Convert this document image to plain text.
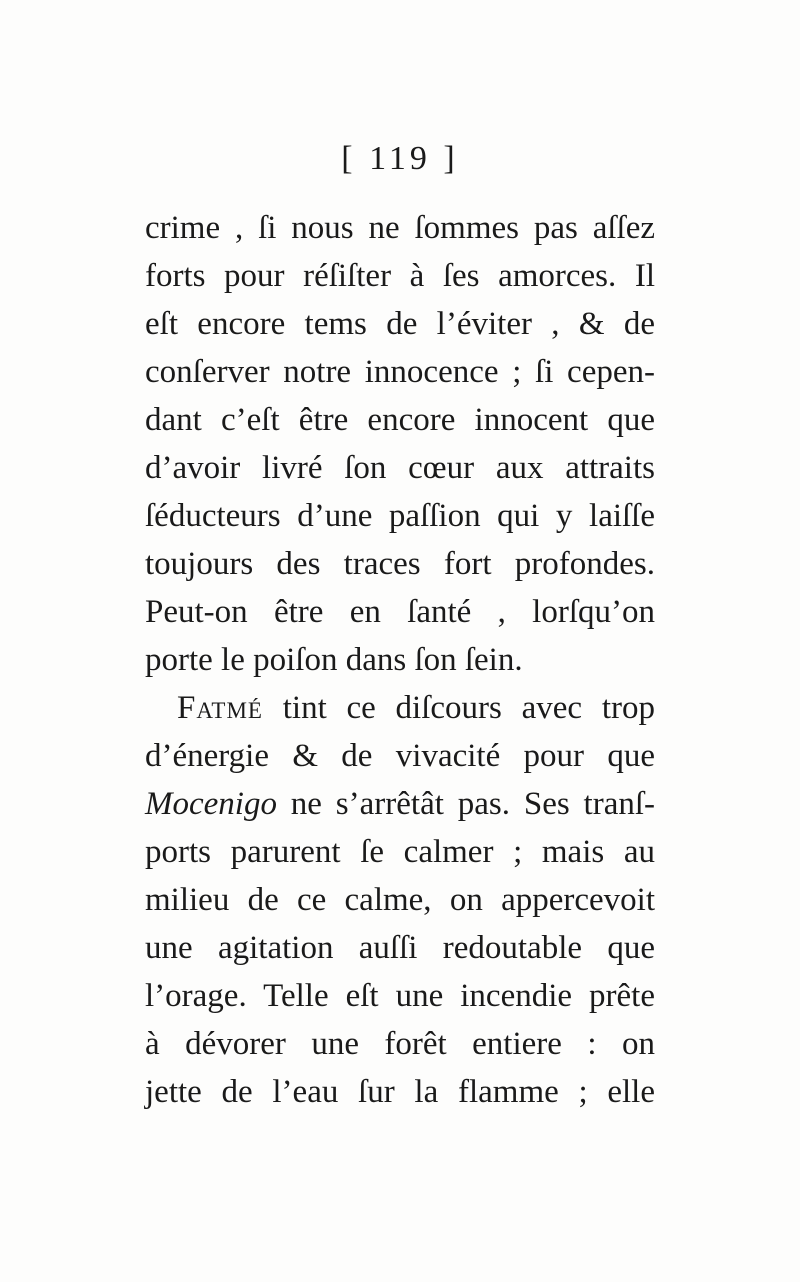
[ 119 ]
crime , ſi nous ne ſommes pas aſſez
forts pour réſiſter à ſes amorces. Il
eſt encore tems de l’éviter , & de
conſerver notre innocence ; ſi cepen-
dant c’eſt être encore innocent que
d’avoir livré ſon cœur aux attraits
ſéducteurs d’une paſſion qui y laiſſe
toujours des traces fort profondes.
Peut-on être en ſanté , lorſqu’on
porte le poiſon dans ſon ſein.
Fatmé tint ce diſcours avec trop
d’énergie & de vivacité pour que
Mocenigo ne s’arrêtât pas. Ses tranſ-
ports parurent ſe calmer ; mais au
milieu de ce calme, on appercevoit
une agitation auſſi redoutable que
l’orage. Telle eſt une incendie prête
à dévorer une forêt entiere : on
jette de l’eau ſur la flamme ; elle
